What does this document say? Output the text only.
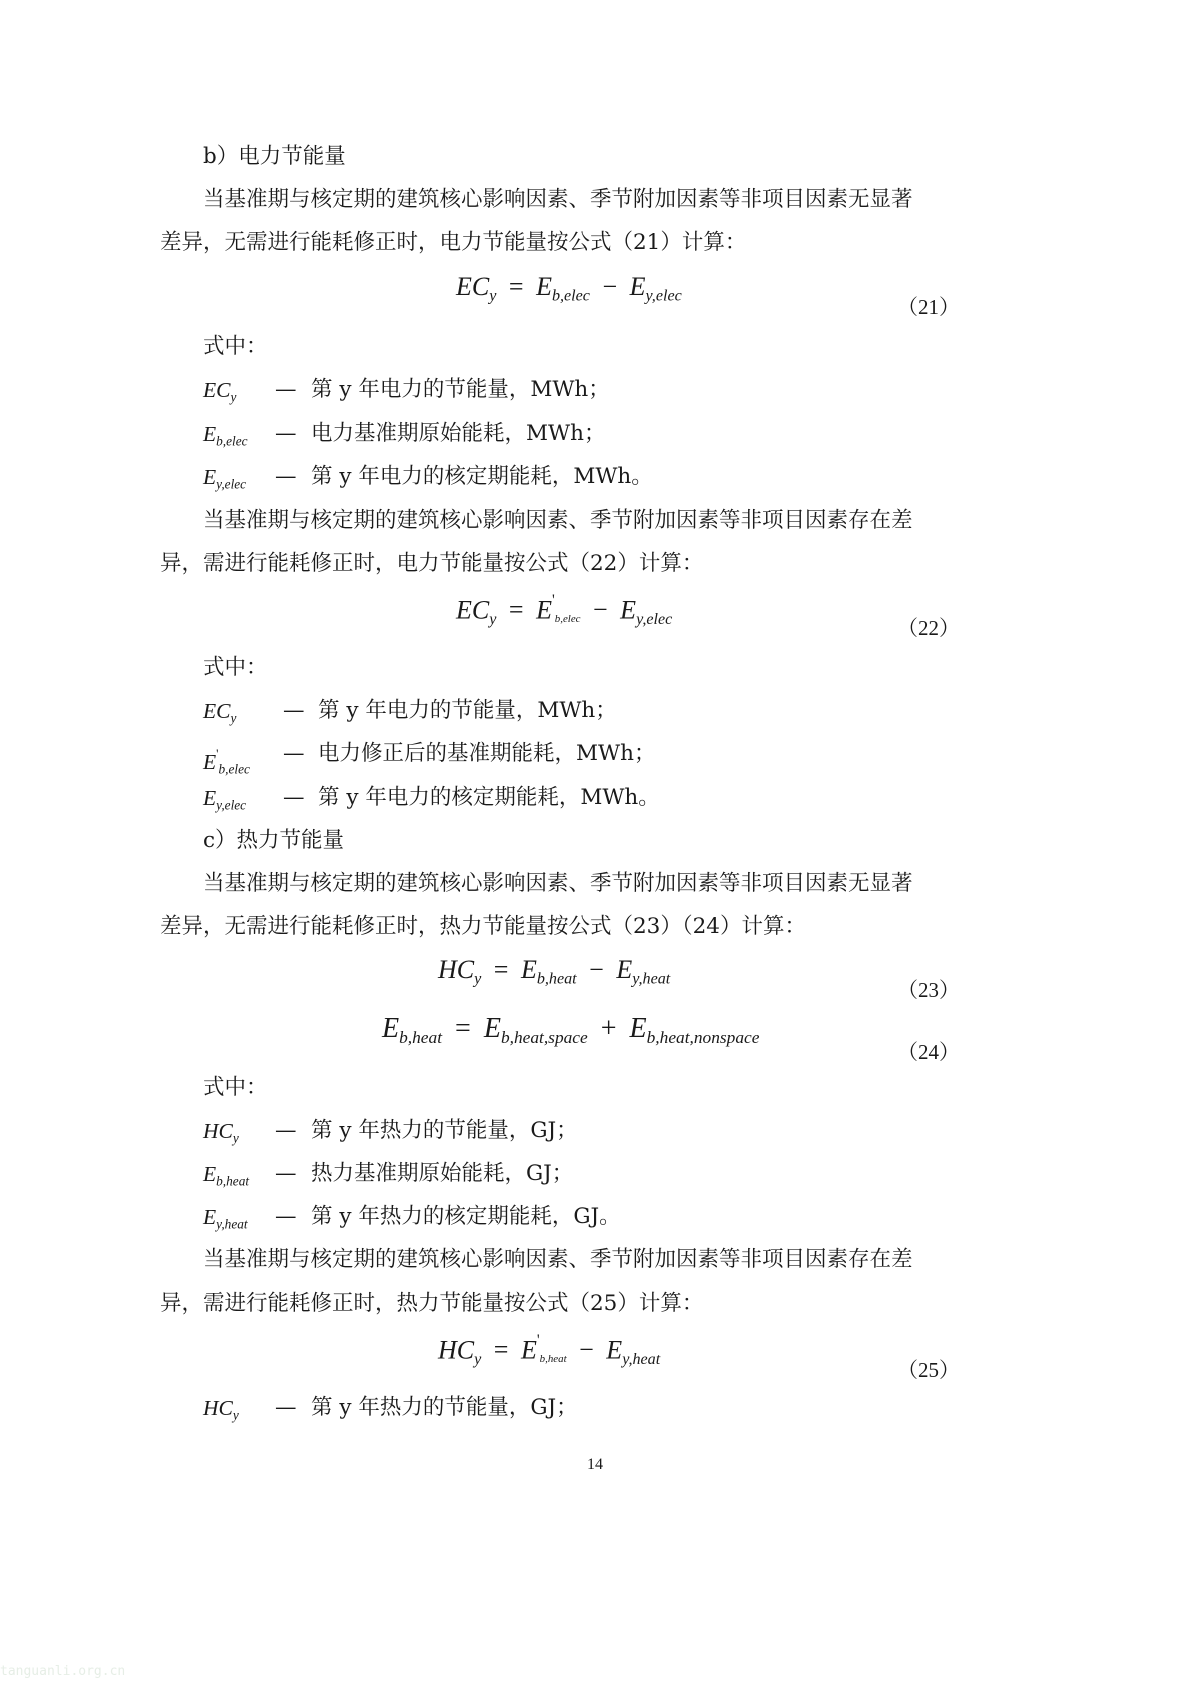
b）电力节能量
当基准期与核定期的建筑核心影响因素、季节附加因素等非项目因素无显著
差异，无需进行能耗修正时，电力节能量按公式（21）计算：
$EC_y = E_{b,elec} - E_{y,elec}$	（21）
式中：
$EC_y$ — 第 y 年电力的节能量，MWh；
$E_{b,elec}$ — 电力基准期原始能耗，MWh；
$E_{y,elec}$ — 第 y 年电力的核定期能耗，MWh。
当基准期与核定期的建筑核心影响因素、季节附加因素等非项目因素存在差
异，需进行能耗修正时，电力节能量按公式（22）计算：
$EC_y = E'_{b,elec} - E_{y,elec}$	（22）
式中：
$EC_y$ — 第 y 年电力的节能量，MWh；
$E'_{b,elec}$
— 电力修正后的基准期能耗，MWh；
$E_{y,elec}$ — 第 y 年电力的核定期能耗，MWh。
c）热力节能量
当基准期与核定期的建筑核心影响因素、季节附加因素等非项目因素无显著
差异，无需进行能耗修正时，热力节能量按公式（23）（24）计算：
$HC_y = E_{b,heat} - E_{y,heat}$	（23）
$E_{b,heat} = E_{b,heat,space} + E_{b,heat,nonspace}$
（24）
式中：
$HC_y$ — 第 y 年热力的节能量，GJ；
$E_{b,heat}$ — 热力基准期原始能耗，GJ；
$E_{y,heat}$ — 第 y 年热力的核定期能耗，GJ。
当基准期与核定期的建筑核心影响因素、季节附加因素等非项目因素存在差
异，需进行能耗修正时，热力节能量按公式（25）计算：
$HC_y = E'_{b,heat} - E_{y,heat}$	（25）
$HC_y$ — 第 y 年热力的节能量，GJ；
14
tanguanli.org.cn
